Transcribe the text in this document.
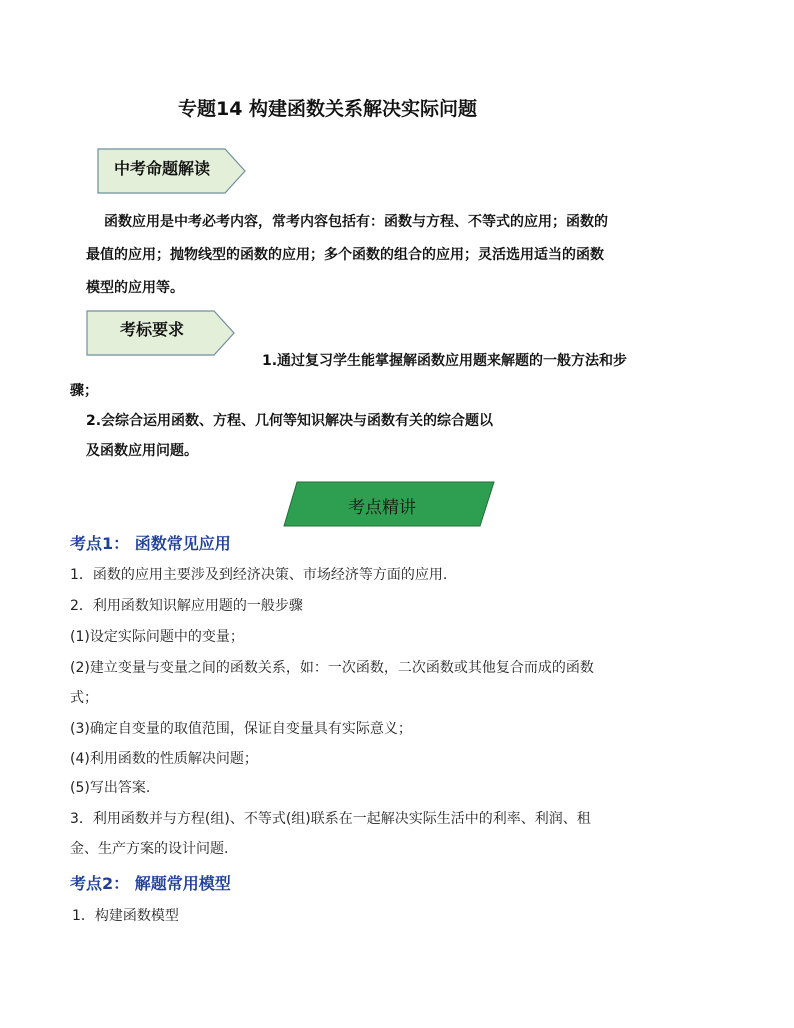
专题14 构建函数关系解决实际问题
中考命题解读
函数应用是中考必考内容，常考内容包括有：函数与方程、不等式的应用；函数的
最值的应用；抛物线型的函数的应用；多个函数的组合的应用；灵活选用适当的函数
模型的应用等。
考标要求
1.通过复习学生能掌握解函数应用题来解题的一般方法和步
骤；
2.会综合运用函数、方程、几何等知识解决与函数有关的综合题以
及函数应用问题。
考点精讲
考点1： 函数常见应用
1．函数的应用主要涉及到经济决策、市场经济等方面的应用.
2．利用函数知识解应用题的一般步骤
(1)设定实际问题中的变量；
(2)建立变量与变量之间的函数关系，如：一次函数，二次函数或其他复合而成的函数
式；
(3)确定自变量的取值范围，保证自变量具有实际意义；
(4)利用函数的性质解决问题；
(5)写出答案.
3．利用函数并与方程(组)、不等式(组)联系在一起解决实际生活中的利率、利润、租
金、生产方案的设计问题.
考点2： 解题常用模型
1．构建函数模型
